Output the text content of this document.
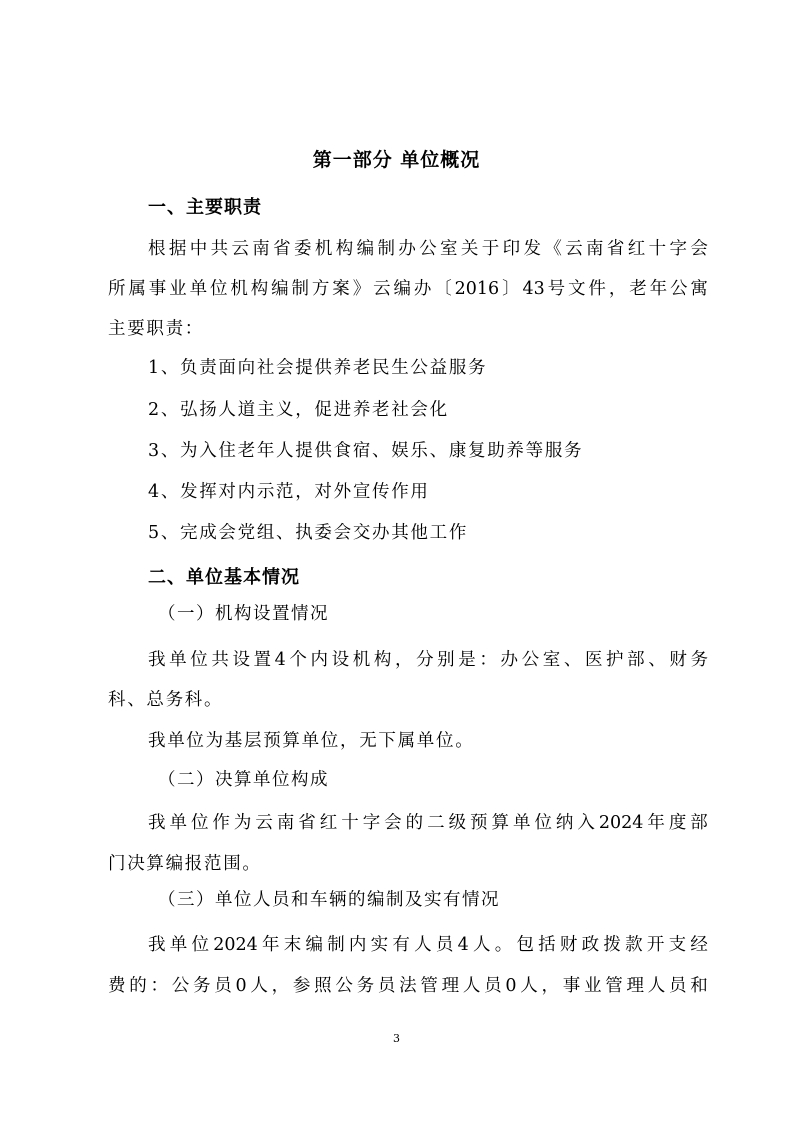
第一部分 单位概况
一、主要职责
根 据 中 共 云 南 省 委 机 构 编 制 办 公 室 关 于 印 发 《 云 南 省 红 十 字 会
所 属 事 业 单 位 机 构 编 制 方 案 》 云 编 办 〔 2016 〕 43 号 文 件 ， 老 年 公 寓
主要职责：
1、负责面向社会提供养老民生公益服务
2、弘扬人道主义，促进养老社会化
3、为入住老年人提供食宿、娱乐、康复助养等服务
4、发挥对内示范，对外宣传作用
5、完成会党组、执委会交办其他工作
二、单位基本情况
（一）机构设置情况
我 单 位 共 设 置 4 个 内 设 机 构 ， 分 别 是 ： 办 公 室 、 医 护 部 、 财 务
科、总务科。
我单位为基层预算单位，无下属单位。
（二）决算单位构成
我 单 位 作 为 云 南 省 红 十 字 会 的 二 级 预 算 单 位 纳 入 2024 年 度 部
门决算编报范围。
（三）单位人员和车辆的编制及实有情况
我 单 位 2024 年 末 编 制 内 实 有 人 员 4 人 。 包 括 财 政 拨 款 开 支 经
费 的 ： 公 务 员 0 人 ， 参 照 公 务 员 法 管 理 人 员 0 人 ， 事 业 管 理 人 员 和
3
